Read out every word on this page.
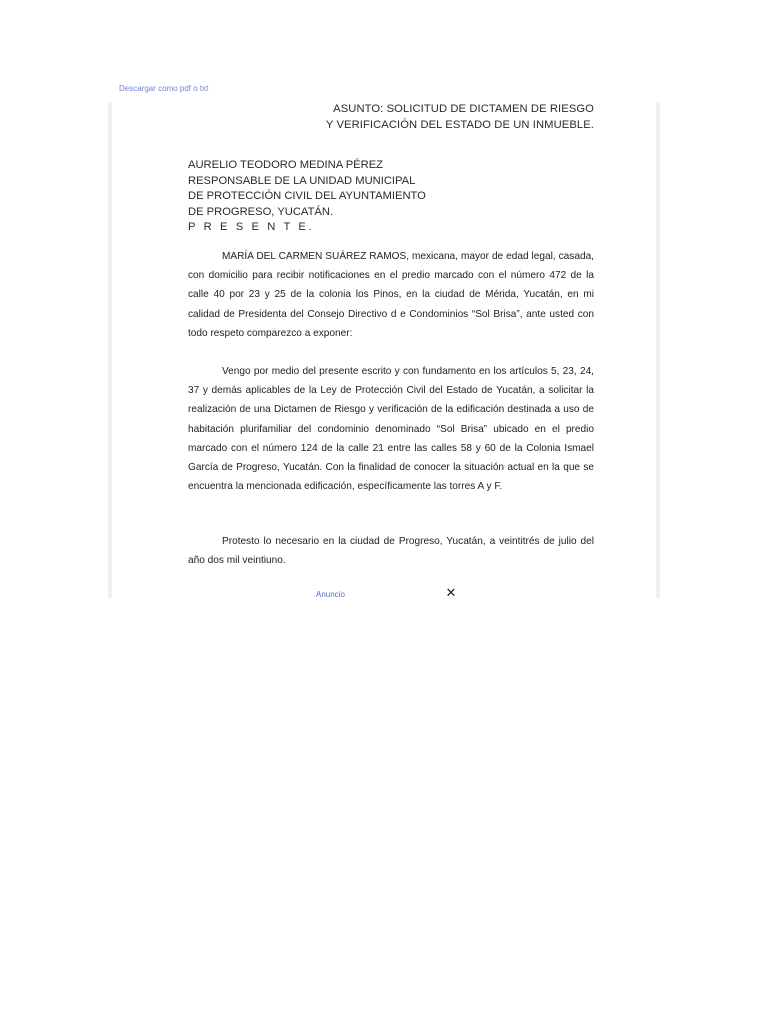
Descargar como pdf o txt
ASUNTO: SOLICITUD DE DICTAMEN DE RIESGO
Y VERIFICACIÓN DEL ESTADO DE UN INMUEBLE.
AURELIO TEODORO MEDINA PÉREZ
RESPONSABLE DE LA UNIDAD MUNICIPAL
DE PROTECCIÓN CIVIL DEL AYUNTAMIENTO
DE PROGRESO, YUCATÁN.
P R E S E N T E.

MARÍA DEL CARMEN SUÁREZ RAMOS, mexicana, mayor de edad legal, casada, con domicilio para recibir notificaciones en el predio marcado con el número 472 de la calle 40 por 23 y 25 de la colonia los Pinos, en la ciudad de Mérida, Yucatán, en mi calidad de Presidenta del Consejo Directivo d e Condominios “Sol Brisa”, ante usted con todo respeto comparezco a exponer:

Vengo por medio del presente escrito y con fundamento en los artículos 5, 23, 24, 37 y demás aplicables de la Ley de Protección Civil del Estado de Yucatán, a solicitar la realización de una Dictamen de Riesgo y verificación de la edificación destinada a uso de habitación plurifamiliar del condominio denominado “Sol Brisa” ubicado en el predio marcado con el número 124 de la calle 21 entre las calles 58 y 60 de la Colonia Ismael García de Progreso, Yucatán. Con la finalidad de conocer la situación actual en la que se encuentra la mencionada edificación, específicamente las torres A y F.

Protesto lo necesario en la ciudad de Progreso, Yucatán, a veintitrés de julio del año dos mil veintiuno.

Anuncio	✕
